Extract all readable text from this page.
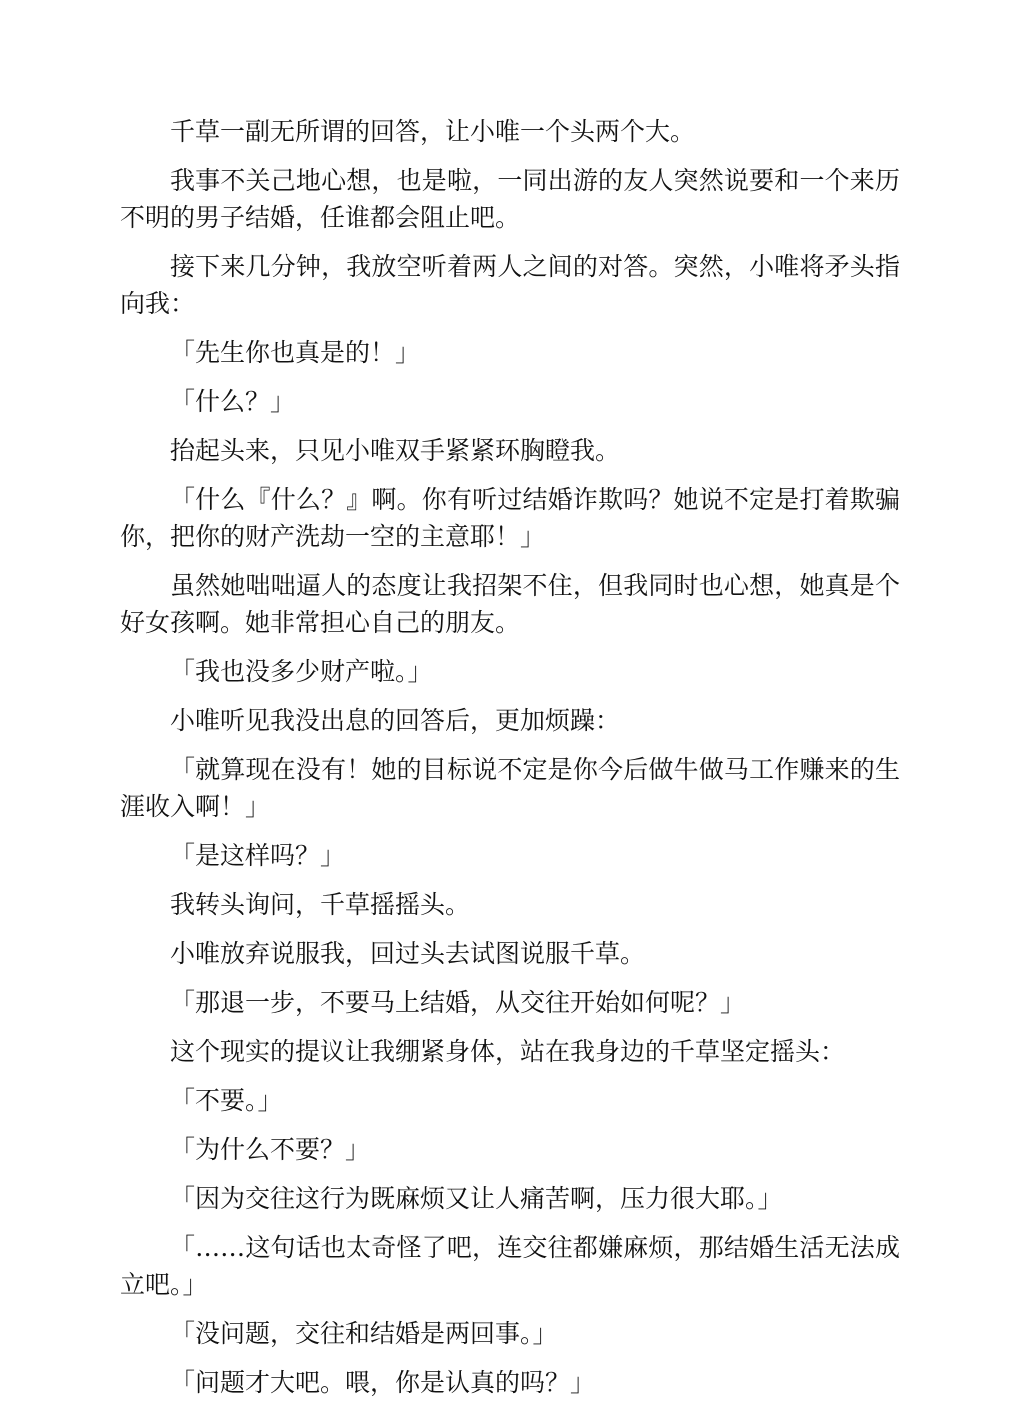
千草一副无所谓的回答，让小唯一个头两个大。

我事不关己地心想，也是啦，一同出游的友人突然说要和一个来历不明的男子结婚，任谁都会阻止吧。

接下来几分钟，我放空听着两人之间的对答。突然，小唯将矛头指向我：

「先生你也真是的！」

「什么？」

抬起头来，只见小唯双手紧紧环胸瞪我。

「什么『什么？』啊。你有听过结婚诈欺吗？她说不定是打着欺骗你，把你的财产洗劫一空的主意耶！」

虽然她咄咄逼人的态度让我招架不住，但我同时也心想，她真是个好女孩啊。她非常担心自己的朋友。

「我也没多少财产啦。」

小唯听见我没出息的回答后，更加烦躁：

「就算现在没有！她的目标说不定是你今后做牛做马工作赚来的生涯收入啊！」

「是这样吗？」

我转头询问，千草摇摇头。

小唯放弃说服我，回过头去试图说服千草。

「那退一步，不要马上结婚，从交往开始如何呢？」

这个现实的提议让我绷紧身体，站在我身边的千草坚定摇头：

「不要。」

「为什么不要？」

「因为交往这行为既麻烦又让人痛苦啊，压力很大耶。」

「……这句话也太奇怪了吧，连交往都嫌麻烦，那结婚生活无法成立吧。」

「没问题，交往和结婚是两回事。」

「问题才大吧。喂，你是认真的吗？」
